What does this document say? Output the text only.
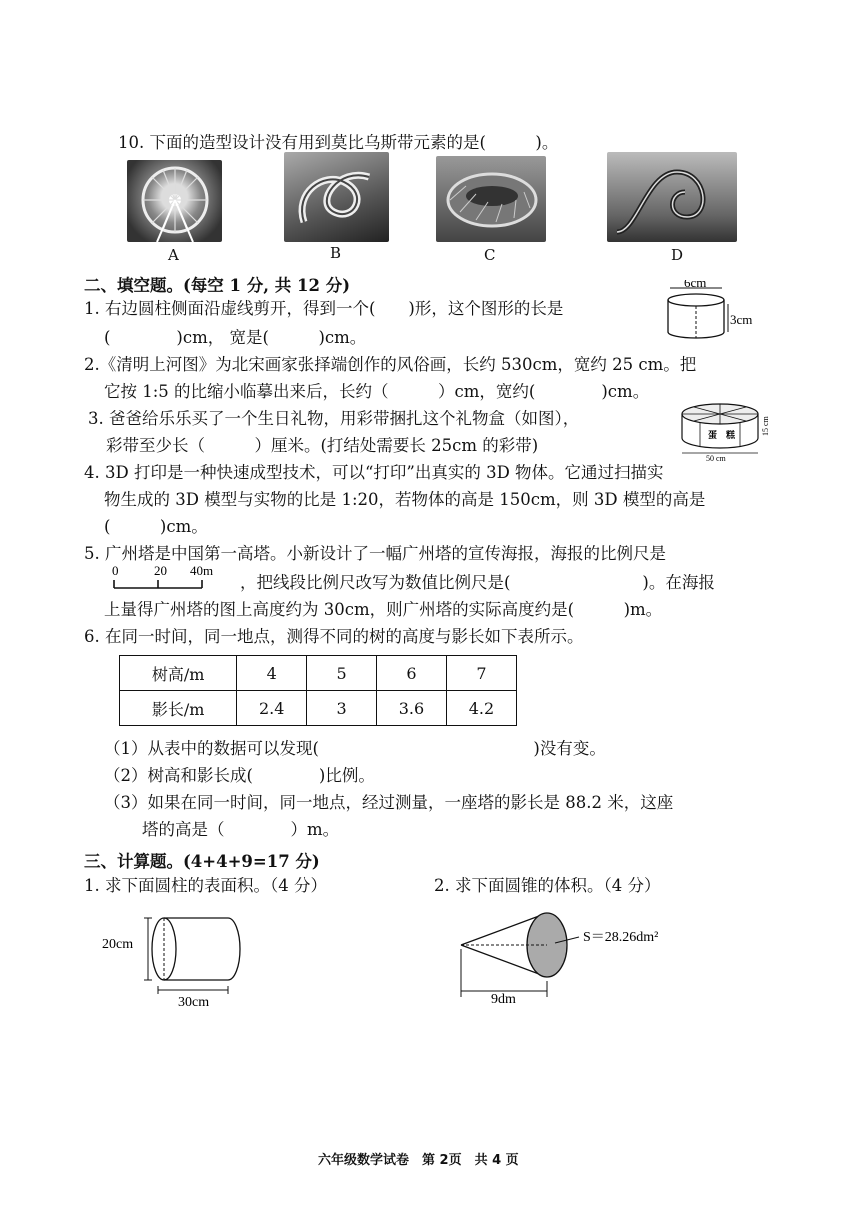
10. 下面的造型设计没有用到莫比乌斯带元素的是(　　　)。
A	B	C	D
二、填空题。(每空 1 分, 共 12 分)
1. 右边圆柱侧面沿虚线剪开，得到一个(　　)形，这个图形的长是
(　　　　)cm， 宽是(　　　)cm。
6cm
3cm
2.《清明上河图》为北宋画家张择端创作的风俗画，长约 530cm，宽约 25 cm。把
它按 1:5 的比缩小临摹出来后，长约（　　　）cm，宽约(　　　　)cm。
3. 爸爸给乐乐买了一个生日礼物，用彩带捆扎这个礼物盒（如图），
彩带至少长（　　　）厘米。(打结处需要长 25cm 的彩带)
蛋 糕
50 cm
15 cm
4. 3D 打印是一种快速成型技术，可以“打印”出真实的 3D 物体。它通过扫描实
物生成的 3D 模型与实物的比是 1:20，若物体的高是 150cm，则 3D 模型的高是
(　　　)cm。
5. 广州塔是中国第一高塔。小新设计了一幅广州塔的宣传海报，海报的比例尺是
0	20 40m
，把线段比例尺改写为数值比例尺是(　　　　　　　　)。在海报
上量得广州塔的图上高度约为 30cm，则广州塔的实际高度约是(　　　)m。
6. 在同一时间，同一地点，测得不同的树的高度与影长如下表所示。
树高/m	4	5	6	7
影长/m	2.4	3	3.6	4.2
（1）从表中的数据可以发现(　　　　　　　　　　　　　)没有变。
（2）树高和影长成(　　　　)比例。
（3）如果在同一时间，同一地点，经过测量，一座塔的影长是 88.2 米，这座
塔的高是（　　　　）m。
三、计算题。(4+4+9=17 分)
1. 求下面圆柱的表面积。（4 分）	2. 求下面圆锥的体积。（4 分）
20cm
30cm	9dm
S＝28.26dm²
六年级数学试卷　第 2页　共 4 页
